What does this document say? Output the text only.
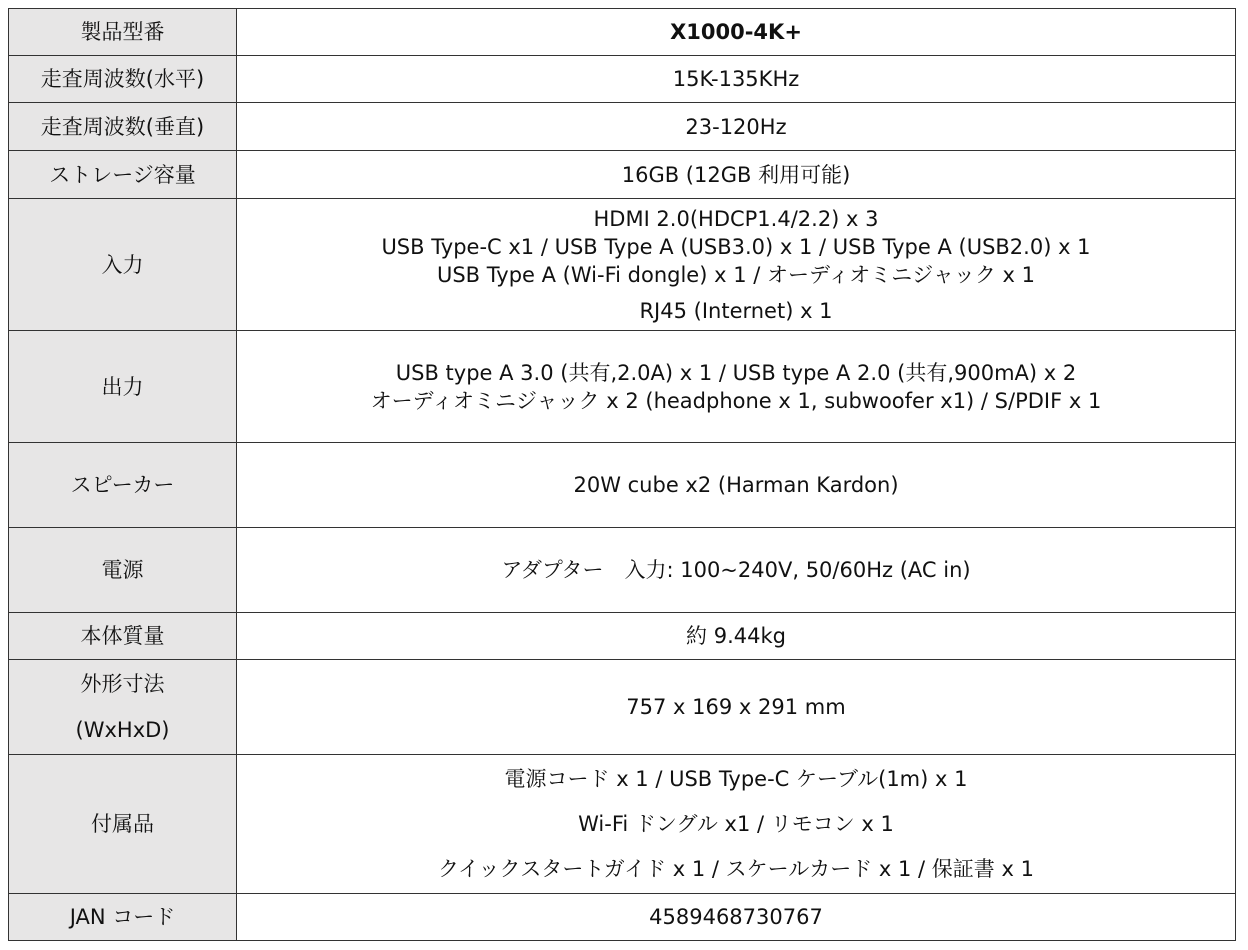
製品型番	X1000-4K+
走査周波数(水平)	15K-135KHz
走査周波数(垂直)	23-120Hz
ストレージ容量	16GB (12GB 利用可能)
入力	HDMI 2.0(HDCP1.4/2.2) x 3
USB Type-C x1 / USB Type A (USB3.0) x 1 / USB Type A (USB2.0) x 1
USB Type A (Wi-Fi dongle) x 1 / オーディオミニジャック x 1
RJ45 (Internet) x 1

出力	USB type A 3.0 (共有,2.0A) x 1 / USB type A 2.0 (共有,900mA) x 2
オーディオミニジャック x 2 (headphone x 1, subwoofer x1) / S/PDIF x 1

スピーカー	20W cube x2 (Harman Kardon)
電源	アダプター　入力: 100~240V, 50/60Hz (AC in)
本体質量	約 9.44kg

外形寸法
(WxHxD)	757 x 169 x 291 mm
付属品	電源コード x 1 / USB Type-C ケーブル(1m) x 1
Wi-Fi ドングル x1 / リモコン x 1
クイックスタートガイド x 1 / スケールカード x 1 / 保証書 x 1

JAN コード	4589468730767
